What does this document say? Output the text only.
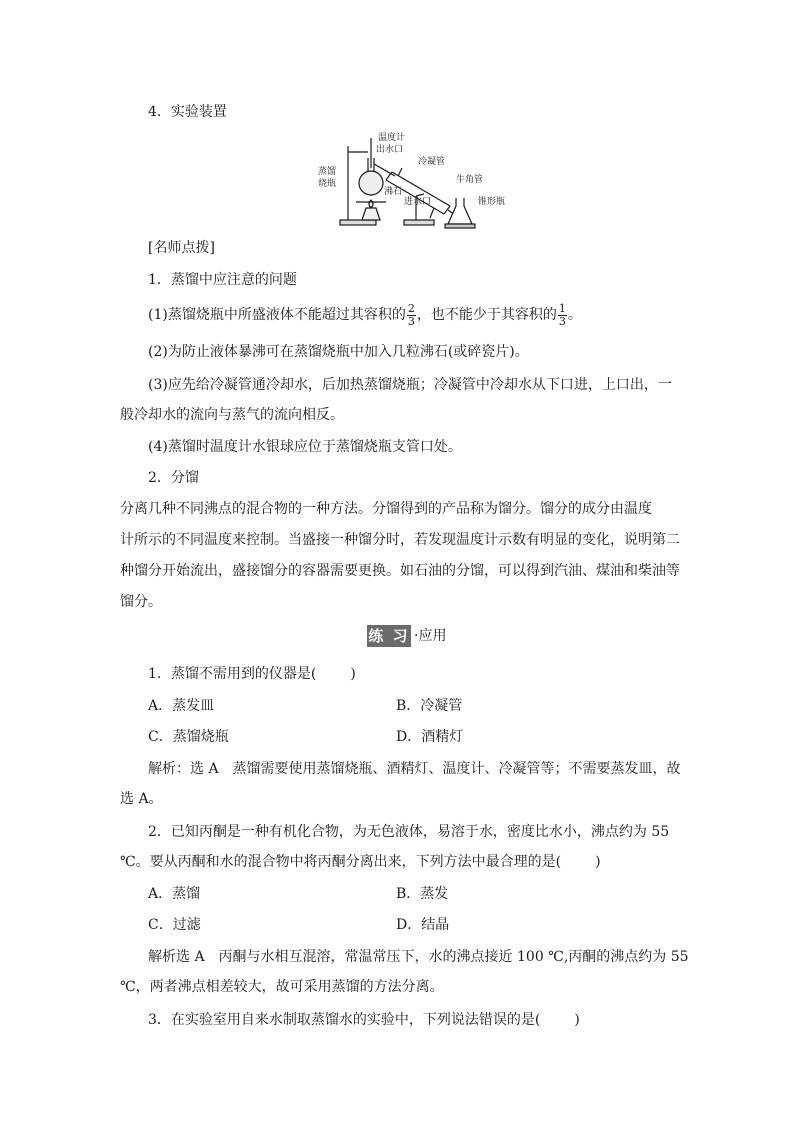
4．实验装置
温度计
出水口
冷凝管
蒸馏
烧瓶
沸石
牛角管
进水口	锥形瓶
[名师点拨]
1．蒸馏中应注意的问题
(1)蒸馏烧瓶中所盛液体不能超过其容积的 $\frac{2}{3}$ ，也不能少于其容积的 $\frac{1}{3}$ 。
(2)为防止液体暴沸可在蒸馏烧瓶中加入几粒沸石(或碎瓷片)。
(3)应先给冷凝管通冷却水，后加热蒸馏烧瓶；冷凝管中冷却水从下口进，上口出，一
般冷却水的流向与蒸气的流向相反。
(4)蒸馏时温度计水银球应位于蒸馏烧瓶支管口处。
2．分馏
分离几种不同沸点的混合物的一种方法。分馏得到的产品称为馏分。馏分的成分由温度
计所示的不同温度来控制。当盛接一种馏分时，若发现温度计示数有明显的变化，说明第二
种馏分开始流出，盛接馏分的容器需要更换。如石油的分馏，可以得到汽油、煤油和柴油等
馏分。
练 习 ·应用
1．蒸馏不需用到的仪器是( )
A．蒸发皿	B．冷凝管
C．蒸馏烧瓶	D．酒精灯
解析：选 A　蒸馏需要使用蒸馏烧瓶、酒精灯、温度计、冷凝管等；不需要蒸发皿，故
选 A。
2．已知丙酮是一种有机化合物，为无色液体，易溶于水，密度比水小，沸点约为 55
℃。要从丙酮和水的混合物中将丙酮分离出来，下列方法中最合理的是( )
A．蒸馏	B．蒸发
C．过滤	D．结晶
解析选 A　丙酮与水相互混溶，常温常压下，水的沸点接近 100 ℃,丙酮的沸点约为 55
℃，两者沸点相差较大，故可采用蒸馏的方法分离。
3．在实验室用自来水制取蒸馏水的实验中，下列说法错误的是( )
